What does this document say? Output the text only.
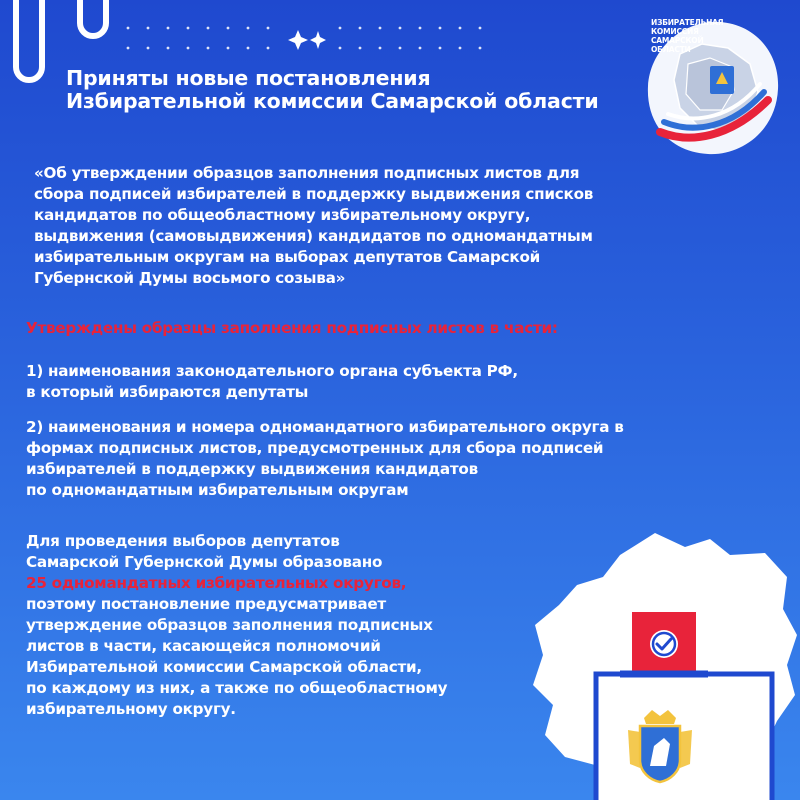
Приняты новые постановления
Избирательной комиссии Самарской области
ИЗБИРАТЕЛЬНАЯ
КОМИССИЯ
САМАРСКОЙ
ОБЛАСТИ
«Об утверждении образцов заполнения подписных листов для
сбора подписей избирателей в поддержку выдвижения списков
кандидатов по общеобластному избирательному округу,
выдвижения (самовыдвижения) кандидатов по одномандатным
избирательным округам на выборах депутатов Самарской
Губернской Думы восьмого созыва»
Утверждены образцы заполнения подписных листов в части:
1) наименования законодательного органа субъекта РФ,
в который избираются депутаты
2) наименования и номера одномандатного избирательного округа в
формах подписных листов, предусмотренных для сбора подписей
избирателей в поддержку выдвижения кандидатов
по одномандатным избирательным округам
Для проведения выборов депутатов
Самарской Губернской Думы образовано
25 одномандатных избирательных округов,
поэтому постановление предусматривает
утверждение образцов заполнения подписных
листов в части, касающейся полномочий
Избирательной комиссии Самарской области,
по каждому из них, а также по общеобластному
избирательному округу.
